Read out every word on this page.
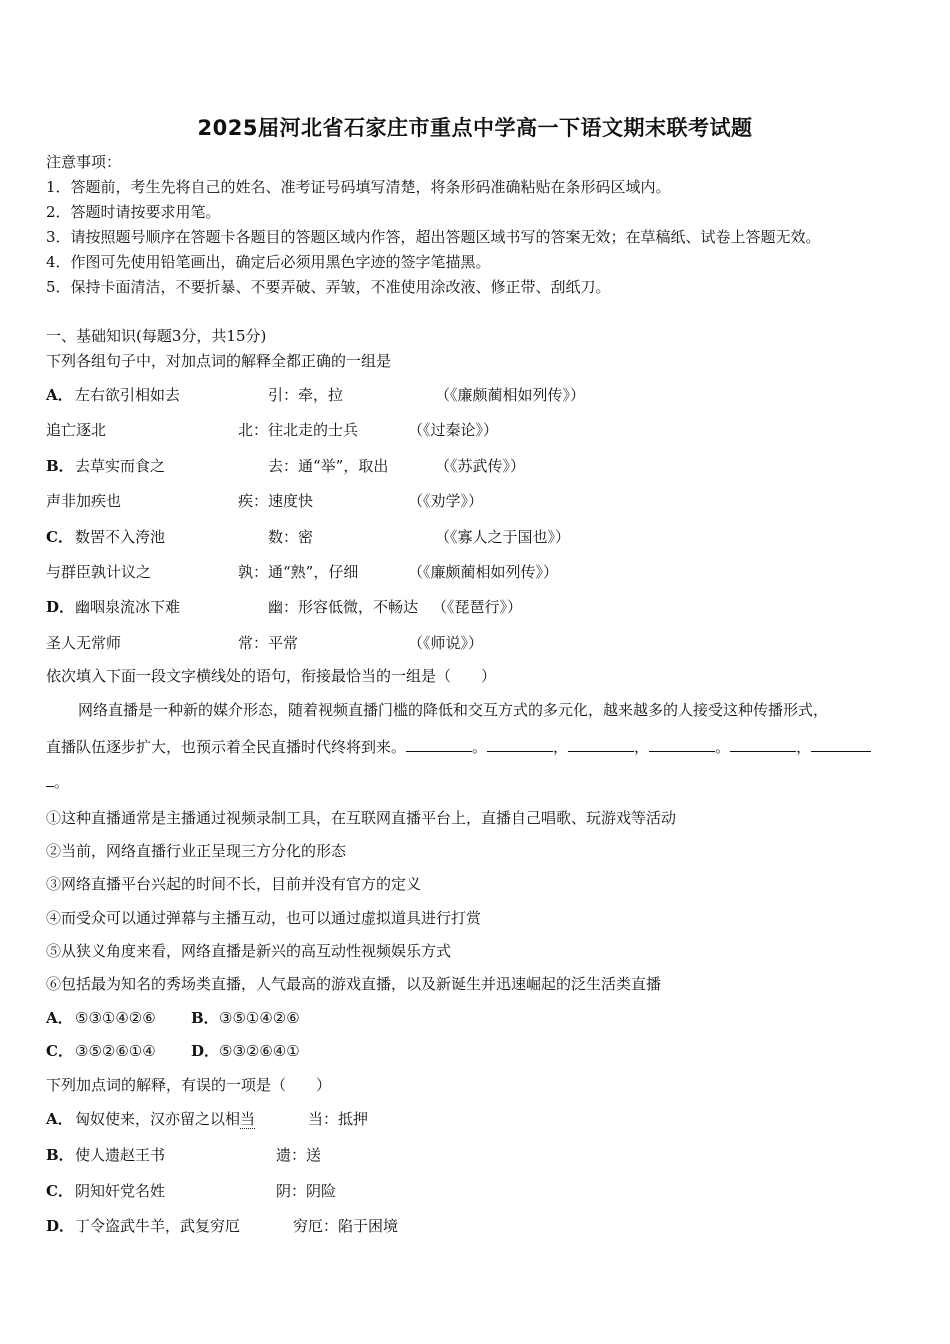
2025届河北省石家庄市重点中学高一下语文期末联考试题
注意事项：
1．答题前，考生先将自己的姓名、准考证号码填写清楚，将条形码准确粘贴在条形码区域内。
2．答题时请按要求用笔。
3．请按照题号顺序在答题卡各题目的答题区域内作答，超出答题区域书写的答案无效；在草稿纸、试卷上答题无效。
4．作图可先使用铅笔画出，确定后必须用黑色字迹的签字笔描黑。
5．保持卡面清洁，不要折暴、不要弄破、弄皱，不准使用涂改液、修正带、刮纸刀。
一、基础知识(每题3分，共15分)
下列各组句子中，对加点词的解释全都正确的一组是
A． 左右欲引相如去	引：牵，拉	（《廉颇蔺相如列传》）
追亡逐北	北：往北走的士兵	（《过秦论》）
B． 去草实而食之	去：通“举”，取出	（《苏武传》）
声非加疾也	疾：速度快	（《劝学》）
C． 数罟不入洿池	数：密	（《寡人之于国也》）
与群臣孰计议之	孰：通“熟”，仔细	（《廉颇蔺相如列传》）
D． 幽咽泉流冰下难	幽：形容低微，不畅达 （《琵琶行》）
圣人无常师	常：平常	（《师说》）
依次填入下面一段文字横线处的语句，衔接最恰当的一组是（　　）
网络直播是一种新的媒介形态，随着视频直播门槛的降低和交互方式的多元化，越来越多的人接受这种传播形式，
直播队伍逐步扩大，也预示着全民直播时代终将到来。	。	，	，	。	，
。
①这种直播通常是主播通过视频录制工具，在互联网直播平台上，直播自己唱歌、玩游戏等活动
②当前，网络直播行业正呈现三方分化的形态
③网络直播平台兴起的时间不长，目前并没有官方的定义
④而受众可以通过弹幕与主播互动，也可以通过虚拟道具进行打赏
⑤从狭义角度来看，网络直播是新兴的高互动性视频娱乐方式
⑥包括最为知名的秀场类直播，人气最高的游戏直播，以及新诞生并迅速崛起的泛生活类直播
A． ⑤③①④②⑥ B． ③⑤①④②⑥
C． ③⑤②⑥①④ D． ⑤③②⑥④①
下列加点词的解释，有误的一项是（　　）
A． 匈奴使来，汉亦留之以相当	当：抵押
B． 使人遗赵王书	遗：送
C． 阴知奸党名姓	阴：阴险
D． 丁令盗武牛羊，武复穷厄	穷厄：陷于困境
